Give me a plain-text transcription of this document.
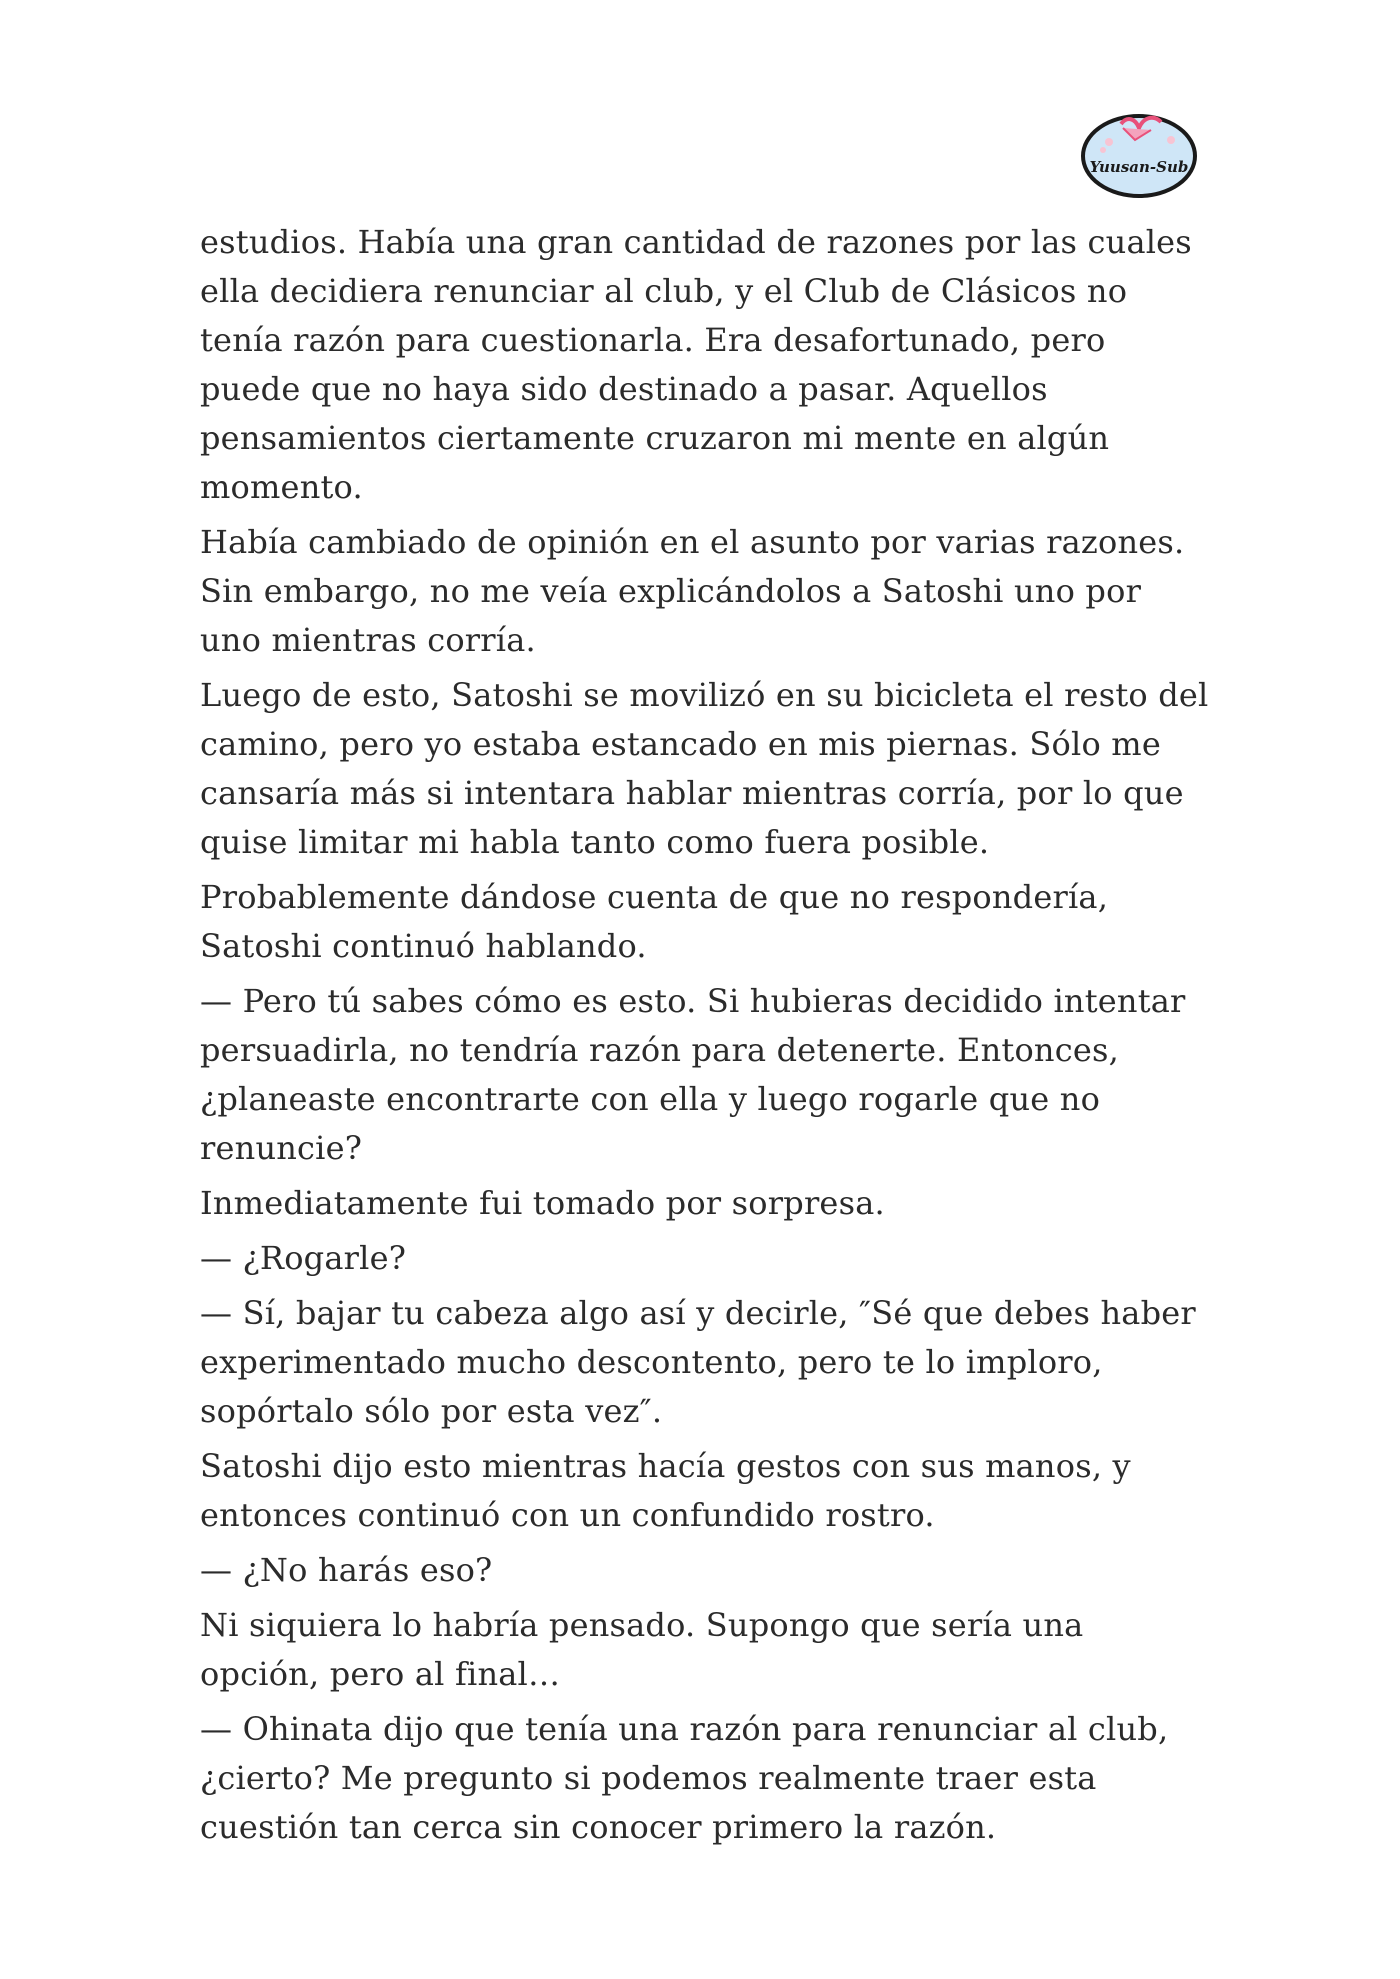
Yuusan-Sub

estudios. Había una gran cantidad de razones por las cuales ella decidiera renunciar al club, y el Club de Clásicos no tenía razón para cuestionarla. Era desafortunado, pero puede que no haya sido destinado a pasar. Aquellos pensamientos ciertamente cruzaron mi mente en algún momento.

Había cambiado de opinión en el asunto por varias razones. Sin embargo, no me veía explicándolos a Satoshi uno por uno mientras corría.

Luego de esto, Satoshi se movilizó en su bicicleta el resto del camino, pero yo estaba estancado en mis piernas. Sólo me cansaría más si intentara hablar mientras corría, por lo que quise limitar mi habla tanto como fuera posible.

Probablemente dándose cuenta de que no respondería, Satoshi continuó hablando.

— Pero tú sabes cómo es esto. Si hubieras decidido intentar persuadirla, no tendría razón para detenerte. Entonces, ¿planeaste encontrarte con ella y luego rogarle que no renuncie?

Inmediatamente fui tomado por sorpresa.

— ¿Rogarle?

— Sí, bajar tu cabeza algo así y decirle, ″Sé que debes haber experimentado mucho descontento, pero te lo imploro, sopórtalo sólo por esta vez″.

Satoshi dijo esto mientras hacía gestos con sus manos, y entonces continuó con un confundido rostro.

— ¿No harás eso?

Ni siquiera lo habría pensado. Supongo que sería una opción, pero al final…

— Ohinata dijo que tenía una razón para renunciar al club, ¿cierto? Me pregunto si podemos realmente traer esta cuestión tan cerca sin conocer primero la razón.
